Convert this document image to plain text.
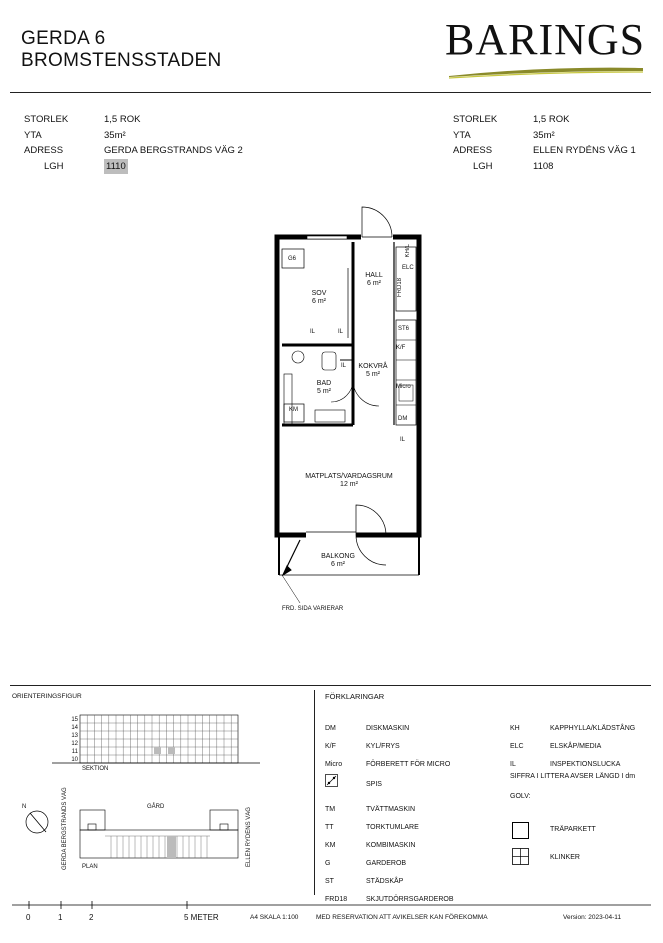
GERDA 6
BROMSTENSSTADEN	BARINGS
STORLEK	1,5 ROK
YTA	35m²
ADRESS	GERDA BERGSTRANDS VÄG 2
LGH	1110
STORLEK	1,5 ROK
YTA	35m²
ADRESS	ELLEN RYDÉNS VÄG 1
LGH	1108
G6
SOV
6 m²
HALL
6 m²
KH/L
ELC
FRD18
ST6
K/F
Micro
DM
IL
IL	IL
IL
KM
KOKVRÅ
5 m²
BAD
5 m²
MATPLATS/VARDAGSRUM
12 m²
BALKONG
6 m²
FRD. SIDA VARIERAR
ORIENTERINGSFIGUR
15
14
13
12
11
10
SEKTION
GÅRD
PLAN
N	GERDA BERGSTRANDS VÄG	ELLEN RYDÉNS VÄG
FÖRKLARINGAR
DM	DISKMASKIN
K/F	KYL/FRYS
Micro	FÖRBERETT FÖR MICRO
SPIS
TM	TVÄTTMASKIN
TT	TORKTUMLARE
KM	KOMBIMASKIN
G	GARDEROB
ST	STÄDSKÅP
FRD18	SKJUTDÖRRSGARDEROB
KH	KAPPHYLLA/KLÄDSTÅNG
ELC	ELSKÅP/MEDIA
IL	INSPEKTIONSLUCKA
SIFFRA I LITTERA AVSER LÄNGD I dm
GOLV:
TRÄPARKETT
KLINKER
0	1	2	5 METER	A4 SKALA 1:100	MED RESERVATION ATT AVIKELSER KAN FÖREKOMMA	Version: 2023-04-11
